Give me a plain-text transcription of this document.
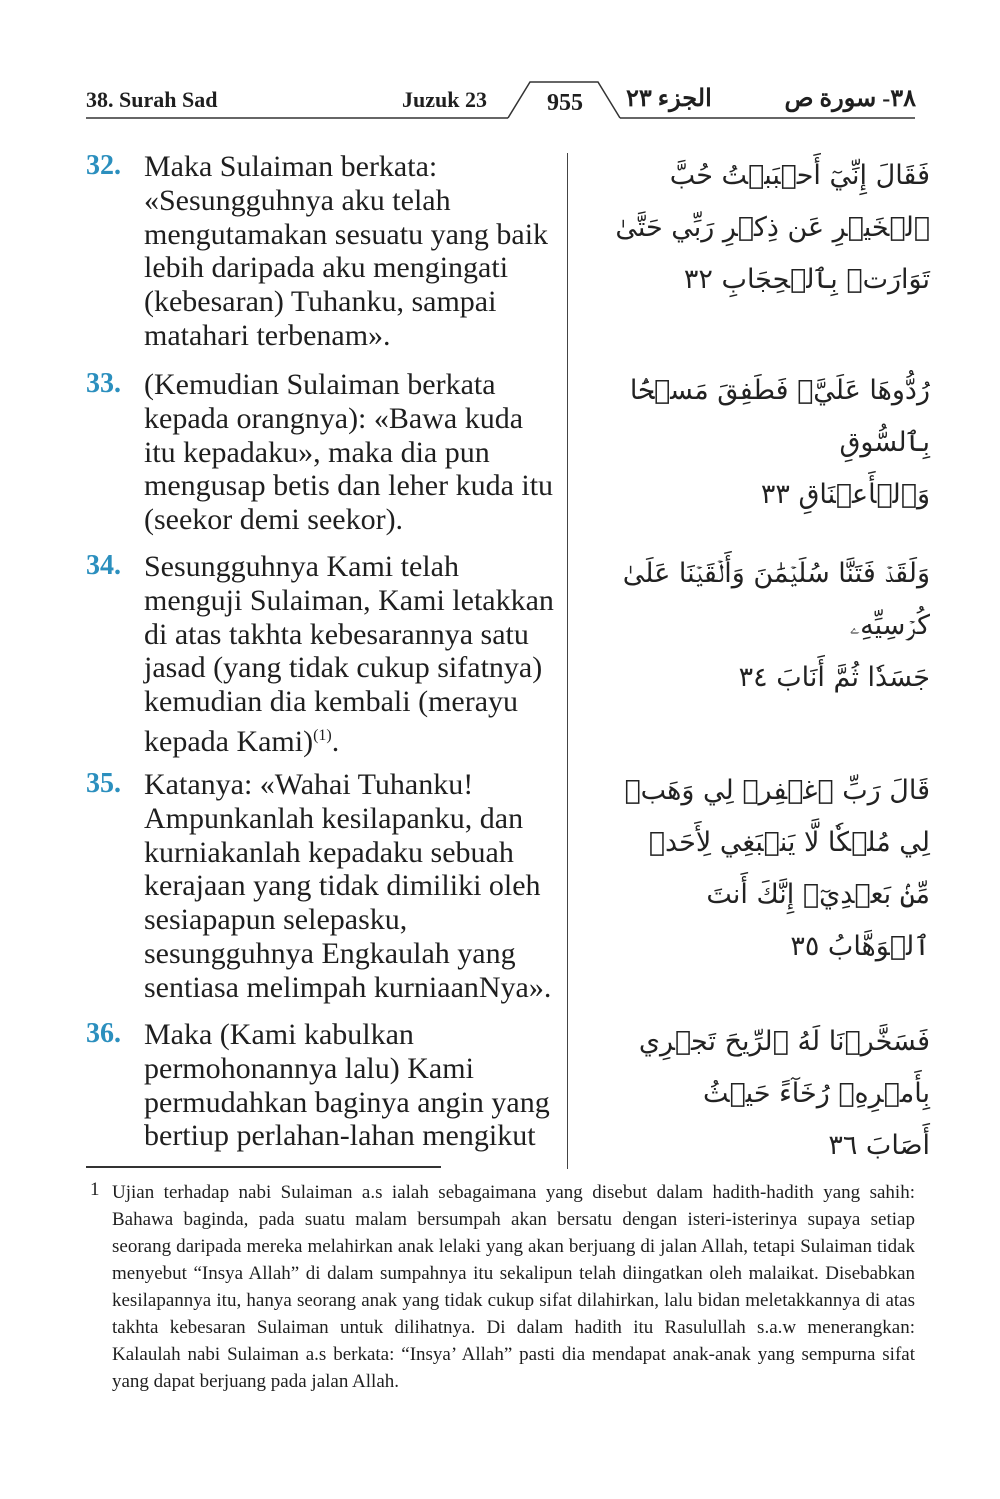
38. Surah Sad	Juzuk 23	955	الجزء ٢٣	٣٨- سورة ص
32. Maka Sulaiman berkata: «Sesungguhnya aku telah mengutamakan sesuatu yang baik lebih daripada aku mengingati (kebesaran) Tuhanku, sampai matahari terbenam».
فَقَالَ إِنِّيٓ أَحۡبَبۡتُ حُبَّ ٱلۡخَيۡرِ عَن ذِكۡرِ رَبِّي حَتَّىٰ
تَوَارَتۡ بِٱلۡحِجَابِ ٣٢
33. (Kemudian Sulaiman berkata kepada orangnya): «Bawa kuda itu kepadaku», maka dia pun mengusap betis dan leher kuda itu (seekor demi seekor).
رُدُّوهَا عَلَيَّۖ فَطَفِقَ مَسۡحَۢا بِٱلسُّوقِ
وَٱلۡأَعۡنَاقِ ٣٣
34. Sesungguhnya Kami telah menguji Sulaiman, Kami letakkan di atas takhta kebesarannya satu jasad (yang tidak cukup sifatnya) kemudian dia kembali (merayu kepada Kami)$^{(1)}$.
وَلَقَدۡ فَتَنَّا سُلَيۡمَٰنَ وَأَلۡقَيۡنَا عَلَىٰ كُرۡسِيِّهِۦ
جَسَدٗا ثُمَّ أَنَابَ ٣٤
35. Katanya: «Wahai Tuhanku! Ampunkanlah kesilapanku, dan kurniakanlah kepadaku sebuah kerajaan yang tidak dimiliki oleh sesiapapun selepasku, sesungguhnya Engkaulah yang sentiasa melimpah kurniaanNya».
قَالَ رَبِّ ٱغۡفِرۡ لِي وَهَبۡ لِي مُلۡكٗا لَّا يَنۢبَغِي لِأَحَدٖ
مِّنۢ بَعۡدِيٓۖ إِنَّكَ أَنتَ ٱلۡوَهَّابُ ٣٥
36. Maka (Kami kabulkan permohonannya lalu) Kami permudahkan baginya angin yang bertiup perlahan-lahan mengikut
فَسَخَّرۡنَا لَهُ ٱلرِّيحَ تَجۡرِي بِأَمۡرِهِۦ رُخَآءً حَيۡثُ
أَصَابَ ٣٦
1 Ujian terhadap nabi Sulaiman a.s ialah sebagaimana yang disebut dalam hadith-hadith yang sahih: Bahawa baginda, pada suatu malam bersumpah akan bersatu dengan isteri-isterinya supaya setiap seorang daripada mereka melahirkan anak lelaki yang akan berjuang di jalan Allah, tetapi Sulaiman tidak menyebut “Insya Allah” di dalam sumpahnya itu sekalipun telah diingatkan oleh malaikat. Disebabkan kesilapannya itu, hanya seorang anak yang tidak cukup sifat dilahirkan, lalu bidan meletakkannya di atas takhta kebesaran Sulaiman untuk dilihatnya. Di dalam hadith itu Rasulullah s.a.w menerangkan: Kalaulah nabi Sulaiman a.s berkata: “Insya’ Allah” pasti dia mendapat anak-anak yang sempurna sifat yang dapat berjuang pada jalan Allah.
